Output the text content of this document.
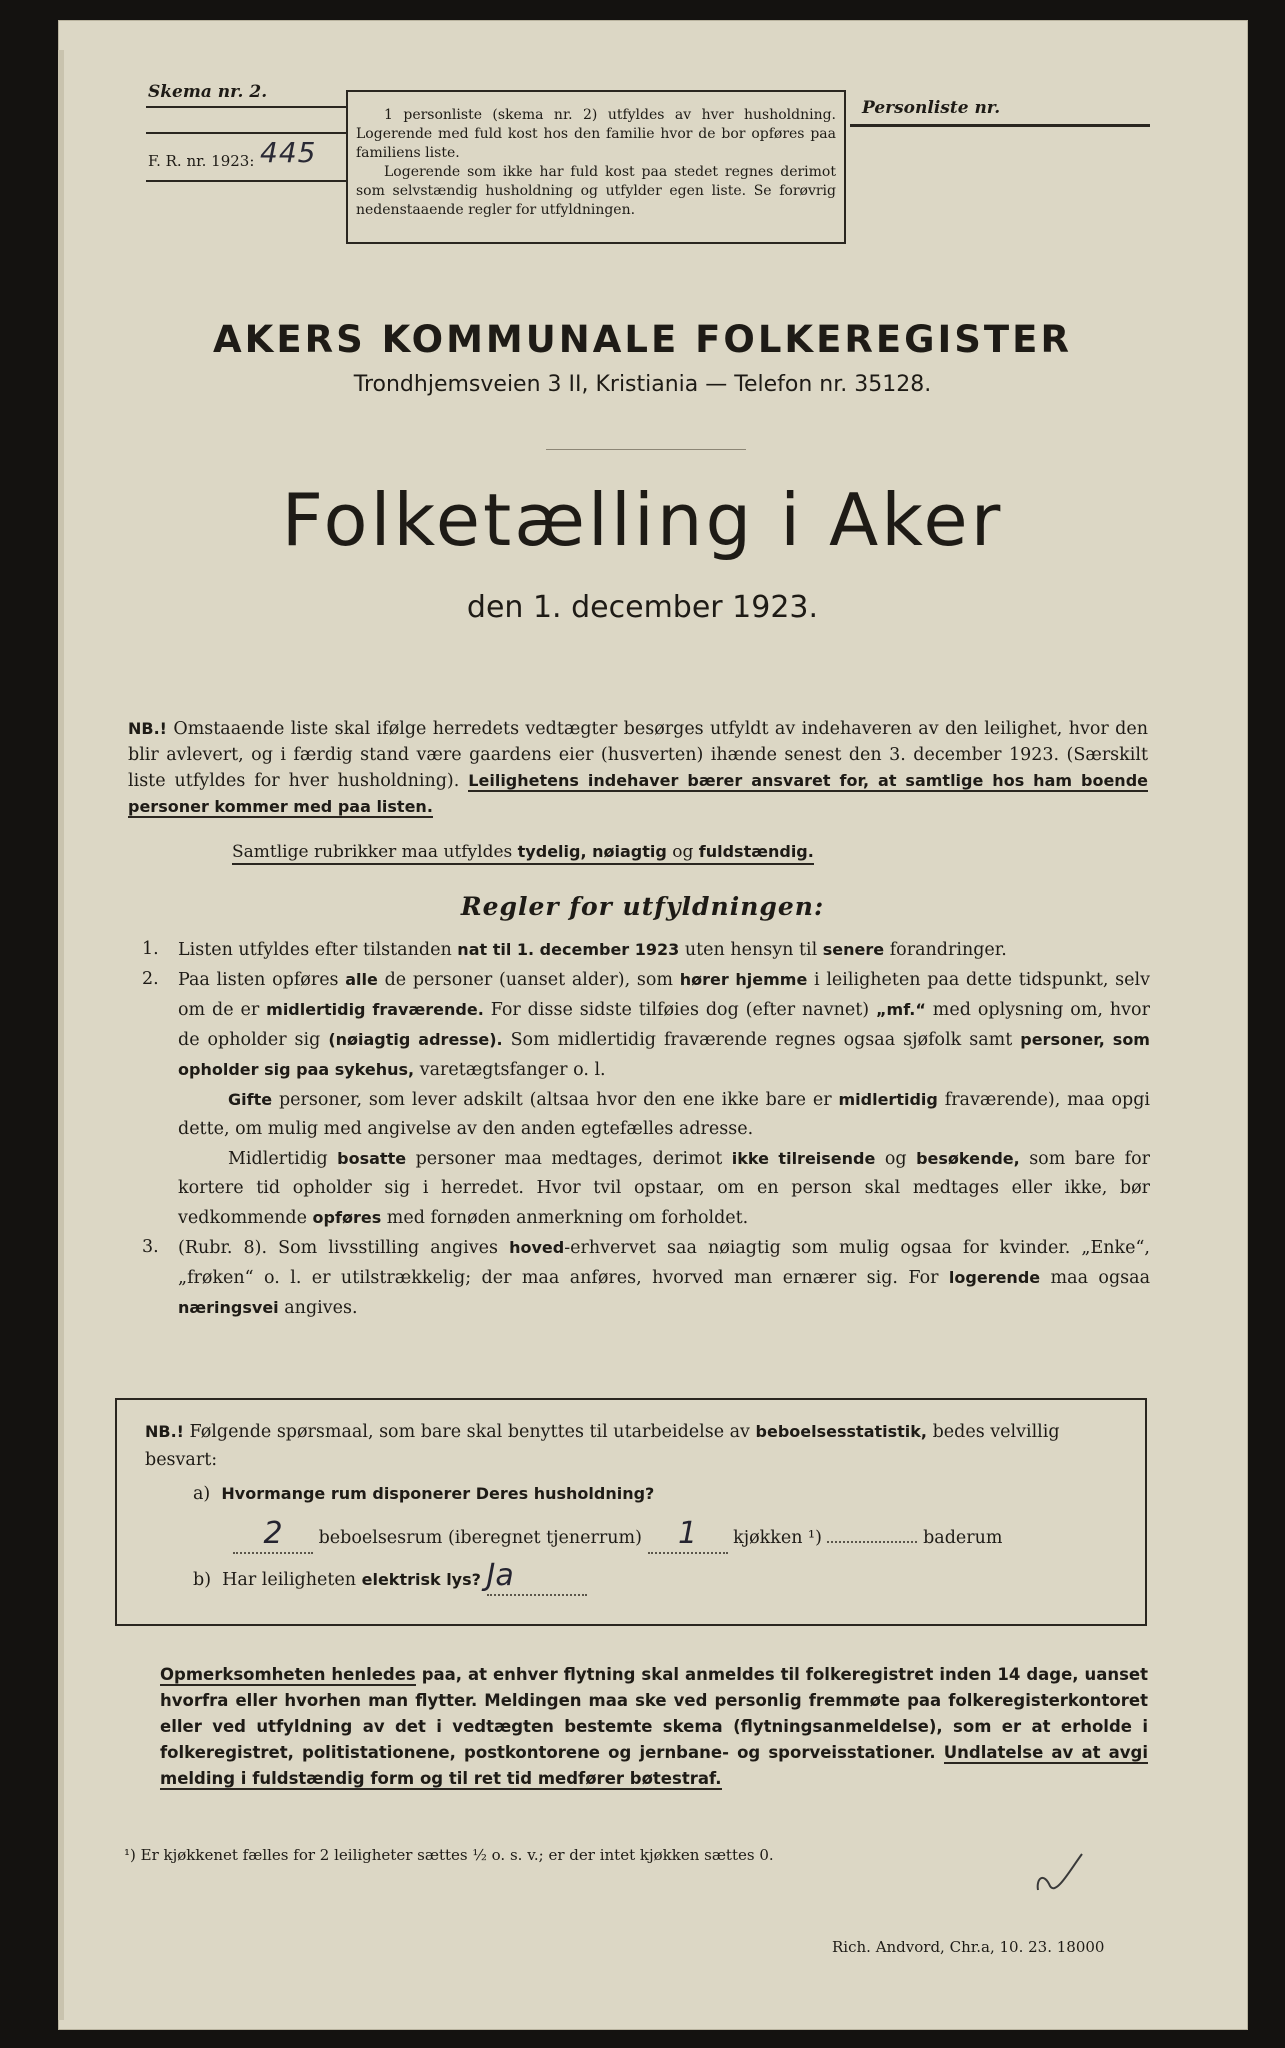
Skema nr. 2.
F. R. nr. 1923: 445

1 personliste (skema nr. 2) utfyldes av hver husholdning. Logerende med fuld kost hos den familie hvor de bor opføres paa familiens liste.

Logerende som ikke har fuld kost paa stedet regnes derimot som selvstændig husholdning og utfylder egen liste. Se forøvrig nedenstaaende regler for utfyldningen.

Personliste nr.
AKERS KOMMUNALE FOLKEREGISTER
Trondhjemsveien 3 II, Kristiania — Telefon nr. 35128.
Folketælling i Aker
den 1. december 1923.
NB.! Omstaaende liste skal ifølge herredets vedtægter besørges utfyldt av indehaveren av den leilighet, hvor den blir avlevert, og i færdig stand være gaardens eier (husverten) ihænde senest den 3. december 1923. (Særskilt liste utfyldes for hver husholdning). Leilighetens indehaver bærer ansvaret for, at samtlige hos ham boende personer kommer med paa listen.
Samtlige rubrikker maa utfyldes tydelig, nøiagtig og fuldstændig.
Regler for utfyldningen:
1. Listen utfyldes efter tilstanden nat til 1. december 1923 uten hensyn til senere forandringer.

2. Paa listen opføres alle de personer (uanset alder), som hører hjemme i leiligheten paa dette tidspunkt, selv om de er midlertidig fraværende. For disse sidste tilføies dog (efter navnet) „mf.“ med oplysning om, hvor de opholder sig (nøiagtig adresse). Som midlertidig fraværende regnes ogsaa sjøfolk samt personer, som opholder sig paa sykehus, varetægtsfanger o. l.

Gifte personer, som lever adskilt (altsaa hvor den ene ikke bare er midlertidig fraværende), maa opgi dette, om mulig med angivelse av den anden egtefælles adresse.

Midlertidig bosatte personer maa medtages, derimot ikke tilreisende og besøkende, som bare for kortere tid opholder sig i herredet. Hvor tvil opstaar, om en person skal medtages eller ikke, bør vedkommende opføres med fornøden anmerkning om forholdet.

3. (Rubr. 8). Som livsstilling angives hoved-erhvervet saa nøiagtig som mulig ogsaa for kvinder. „Enke“, „frøken“ o. l. er utilstrækkelig; der maa anføres, hvorved man ernærer sig. For logerende maa ogsaa næringsvei angives.

NB.! Følgende spørsmaal, som bare skal benyttes til utarbeidelse av beboelsesstatistik, bedes velvillig besvart:
a) Hvormange rum disponerer Deres husholdning?
2 beboelsesrum (iberegnet tjenerrum) 1 kjøkken ¹)	baderum
b) Har leiligheten elektrisk lys? Ja
Opmerksomheten henledes paa, at enhver flytning skal anmeldes til folkeregistret inden 14 dage, uanset hvorfra eller hvorhen man flytter. Meldingen maa ske ved personlig fremmøte paa folkeregisterkontoret eller ved utfyldning av det i vedtægten bestemte skema (flytningsanmeldelse), som er at erholde i folkeregistret, politistationene, postkontorene og jernbane- og sporveisstationer. Undlatelse av at avgi melding i fuldstændig form og til ret tid medfører bøtestraf.
¹) Er kjøkkenet fælles for 2 leiligheter sættes ½ o. s. v.; er der intet kjøkken sættes 0.
Rich. Andvord, Chr.a, 10. 23. 18000
